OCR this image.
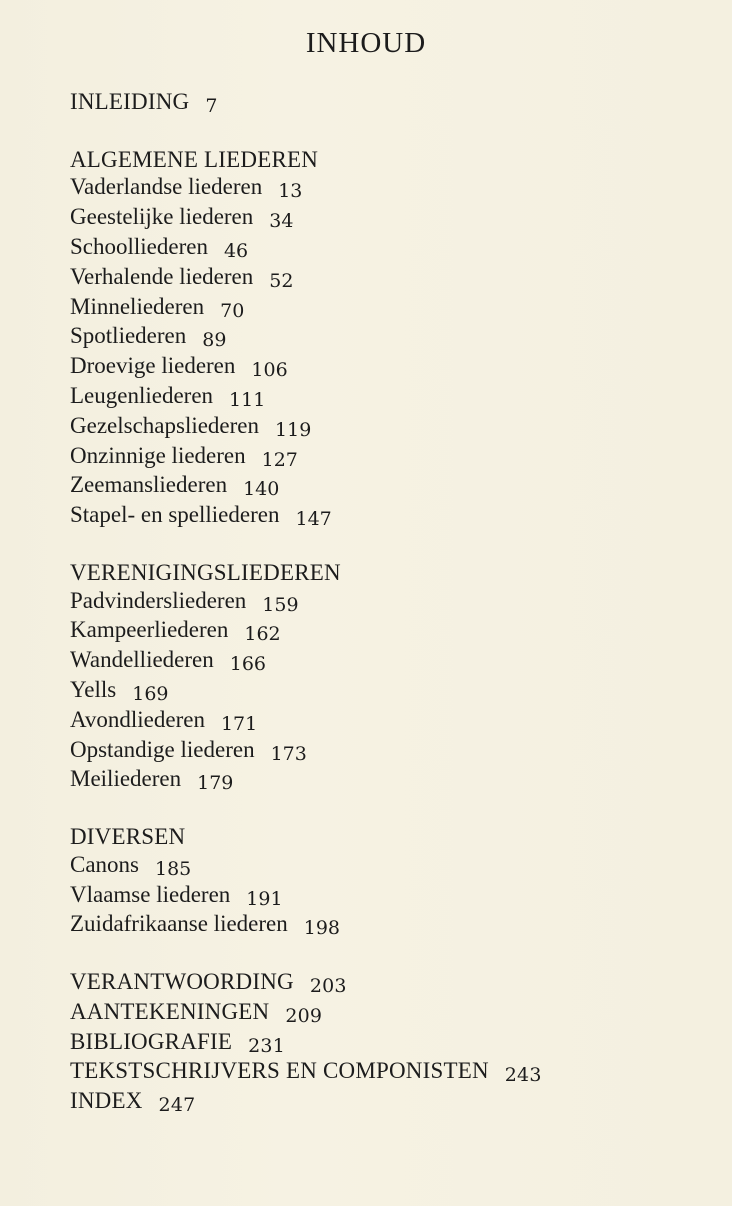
INHOUD
INLEIDING 7
ALGEMENE LIEDEREN
Vaderlandse liederen 13
Geestelijke liederen 34
Schoolliederen 46
Verhalende liederen 52
Minneliederen 70
Spotliederen 89
Droevige liederen 106
Leugenliederen 111
Gezelschapsliederen 119
Onzinnige liederen 127
Zeemansliederen 140
Stapel- en spelliederen 147
VERENIGINGSLIEDEREN
Padvindersliederen 159
Kampeerliederen 162
Wandelliederen 166
Yells 169
Avondliederen 171
Opstandige liederen 173
Meiliederen 179
DIVERSEN
Canons 185
Vlaamse liederen 191
Zuidafrikaanse liederen 198
VERANTWOORDING 203
AANTEKENINGEN 209
BIBLIOGRAFIE 231
TEKSTSCHRIJVERS EN COMPONISTEN 243
INDEX 247
